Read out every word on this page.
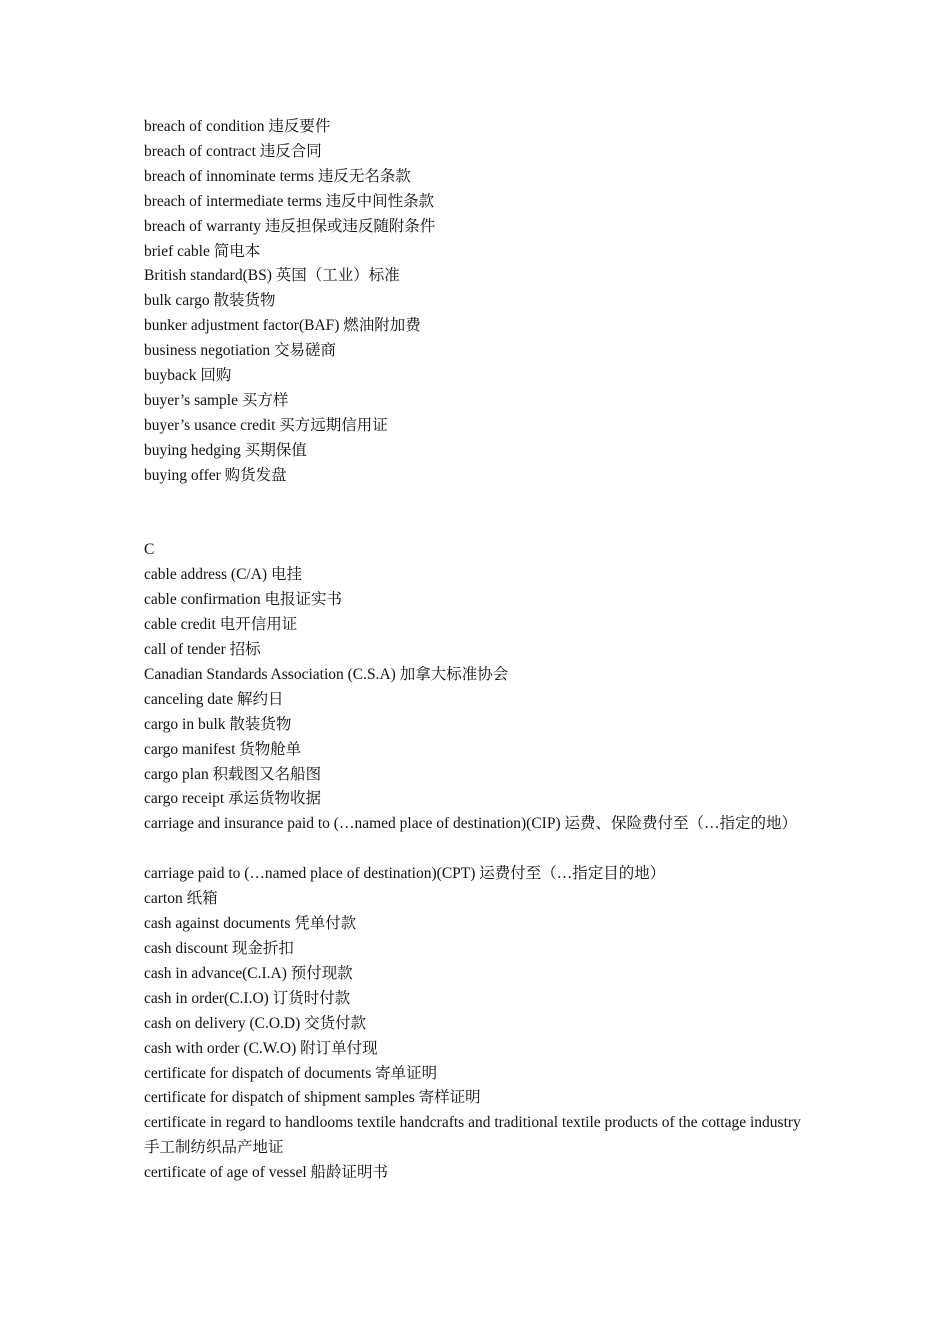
breach of condition 违反要件

breach of contract 违反合同

breach of innominate terms 违反无名条款

breach of intermediate terms 违反中间性条款

breach of warranty 违反担保或违反随附条件

brief cable 简电本

British standard(BS) 英国（工业）标准

bulk cargo 散装货物

bunker adjustment factor(BAF) 燃油附加费

business negotiation 交易磋商

buyback 回购

buyer’s sample 买方样

buyer’s usance credit 买方远期信用证

buying hedging 买期保值

buying offer 购货发盘

C

cable address (C/A) 电挂

cable confirmation 电报证实书

cable credit 电开信用证

call of tender 招标

Canadian Standards Association (C.S.A) 加拿大标准协会

canceling date 解约日

cargo in bulk 散装货物

cargo manifest 货物舱单

cargo plan 积载图又名船图

cargo receipt 承运货物收据

carriage and insurance paid to (…named place of destination)(CIP) 运费、保险费付至（…指定的地）

carriage paid to (…named place of destination)(CPT) 运费付至（…指定目的地）

carton 纸箱

cash against documents 凭单付款

cash discount 现金折扣

cash in advance(C.I.A) 预付现款

cash in order(C.I.O) 订货时付款

cash on delivery (C.O.D) 交货付款

cash with order (C.W.O) 附订单付现

certificate for dispatch of documents 寄单证明

certificate for dispatch of shipment samples 寄样证明

certificate in regard to handlooms textile handcrafts and traditional textile products of the cottage industry 手工制纺织品产地证

certificate of age of vessel 船龄证明书
